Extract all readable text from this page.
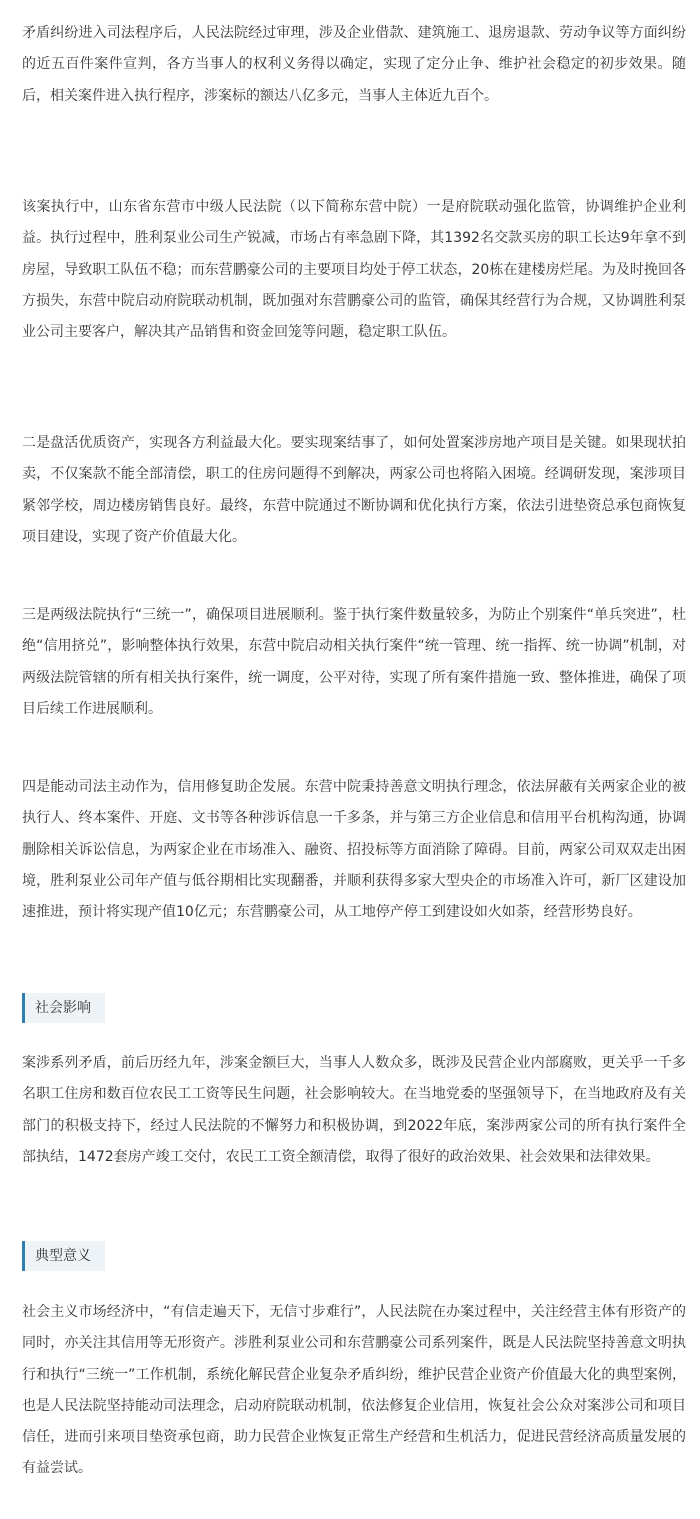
矛盾纠纷进入司法程序后，人民法院经过审理，涉及企业借款、建筑施工、退房退款、劳动争议等方面纠纷的近五百件案件宣判，各方当事人的权利义务得以确定，实现了定分止争、维护社会稳定的初步效果。随后，相关案件进入执行程序，涉案标的额达八亿多元，当事人主体近九百个。

该案执行中，山东省东营市中级人民法院（以下简称东营中院）一是府院联动强化监管，协调维护企业利益。执行过程中，胜利泵业公司生产锐减，市场占有率急剧下降，其1392名交款买房的职工长达9年拿不到房屋，导致职工队伍不稳；而东营鹏豪公司的主要项目均处于停工状态，20栋在建楼房烂尾。为及时挽回各方损失，东营中院启动府院联动机制，既加强对东营鹏豪公司的监管，确保其经营行为合规，又协调胜利泵业公司主要客户，解决其产品销售和资金回笼等问题，稳定职工队伍。

二是盘活优质资产，实现各方利益最大化。要实现案结事了，如何处置案涉房地产项目是关键。如果现状拍卖，不仅案款不能全部清偿，职工的住房问题得不到解决，两家公司也将陷入困境。经调研发现，案涉项目紧邻学校，周边楼房销售良好。最终，东营中院通过不断协调和优化执行方案，依法引进垫资总承包商恢复项目建设，实现了资产价值最大化。

三是两级法院执行“三统一”，确保项目进展顺利。鉴于执行案件数量较多，为防止个别案件“单兵突进”，杜绝“信用挤兑”，影响整体执行效果，东营中院启动相关执行案件“统一管理、统一指挥、统一协调”机制，对两级法院管辖的所有相关执行案件，统一调度，公平对待，实现了所有案件措施一致、整体推进，确保了项目后续工作进展顺利。

四是能动司法主动作为，信用修复助企发展。东营中院秉持善意文明执行理念，依法屏蔽有关两家企业的被执行人、终本案件、开庭、文书等各种涉诉信息一千多条，并与第三方企业信息和信用平台机构沟通，协调删除相关诉讼信息，为两家企业在市场准入、融资、招投标等方面消除了障碍。目前，两家公司双双走出困境，胜利泵业公司年产值与低谷期相比实现翻番，并顺利获得多家大型央企的市场准入许可，新厂区建设加速推进，预计将实现产值10亿元；东营鹏豪公司，从工地停产停工到建设如火如荼，经营形势良好。

社会影响

案涉系列矛盾，前后历经九年，涉案金额巨大，当事人人数众多，既涉及民营企业内部腐败，更关乎一千多名职工住房和数百位农民工工资等民生问题，社会影响较大。在当地党委的坚强领导下，在当地政府及有关部门的积极支持下，经过人民法院的不懈努力和积极协调，到2022年底，案涉两家公司的所有执行案件全部执结，1472套房产竣工交付，农民工工资全额清偿，取得了很好的政治效果、社会效果和法律效果。

典型意义

社会主义市场经济中，“有信走遍天下，无信寸步难行”，人民法院在办案过程中，关注经营主体有形资产的同时，亦关注其信用等无形资产。涉胜利泵业公司和东营鹏豪公司系列案件，既是人民法院坚持善意文明执行和执行“三统一”工作机制，系统化解民营企业复杂矛盾纠纷，维护民营企业资产价值最大化的典型案例，也是人民法院坚持能动司法理念，启动府院联动机制，依法修复企业信用，恢复社会公众对案涉公司和项目信任，进而引来项目垫资承包商，助力民营企业恢复正常生产经营和生机活力，促进民营经济高质量发展的有益尝试。
